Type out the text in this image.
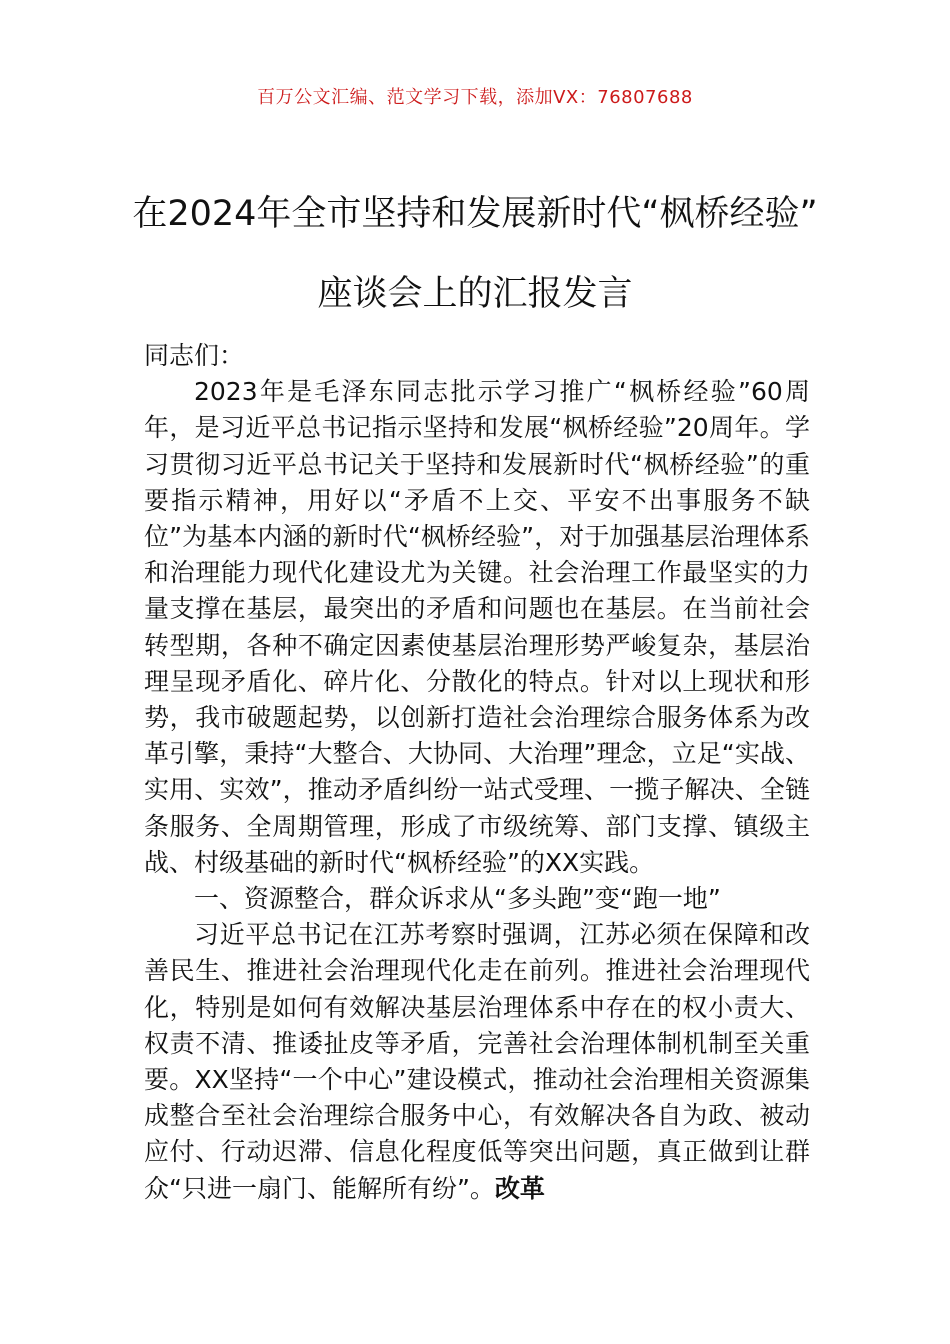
百万公文汇编、范文学习下载，添加VX：76807688
在2024年全市坚持和发展新时代“枫桥经验” 座谈会上的汇报发言

同志们：

2023年是毛泽东同志批示学习推广“枫桥经验”60周年，是习近平总书记指示坚持和发展“枫桥经验”20周年。学习贯彻习近平总书记关于坚持和发展新时代“枫桥经验”的重要指示精神，用好以“矛盾不上交、平安不出事服务不缺位”为基本内涵的新时代“枫桥经验”，对于加强基层治理体系和治理能力现代化建设尤为关键。社会治理工作最坚实的力量支撑在基层，最突出的矛盾和问题也在基层。在当前社会转型期，各种不确定因素使基层治理形势严峻复杂，基层治理呈现矛盾化、碎片化、分散化的特点。针对以上现状和形势，我市破题起势，以创新打造社会治理综合服务体系为改革引擎，秉持“大整合、大协同、大治理”理念，立足“实战、实用、实效”，推动矛盾纠纷一站式受理、一揽子解决、全链条服务、全周期管理，形成了市级统筹、部门支撑、镇级主战、村级基础的新时代“枫桥经验”的XX实践。

一、资源整合，群众诉求从“多头跑”变“跑一地”

习近平总书记在江苏考察时强调，江苏必须在保障和改善民生、推进社会治理现代化走在前列。推进社会治理现代化，特别是如何有效解决基层治理体系中存在的权小责大、权责不清、推诿扯皮等矛盾，完善社会治理体制机制至关重要。XX坚持“一个中心”建设模式，推动社会治理相关资源集成整合至社会治理综合服务中心，有效解决各自为政、被动应付、行动迟滞、信息化程度低等突出问题，真正做到让群众“只进一扇门、能解所有纷”。改革
